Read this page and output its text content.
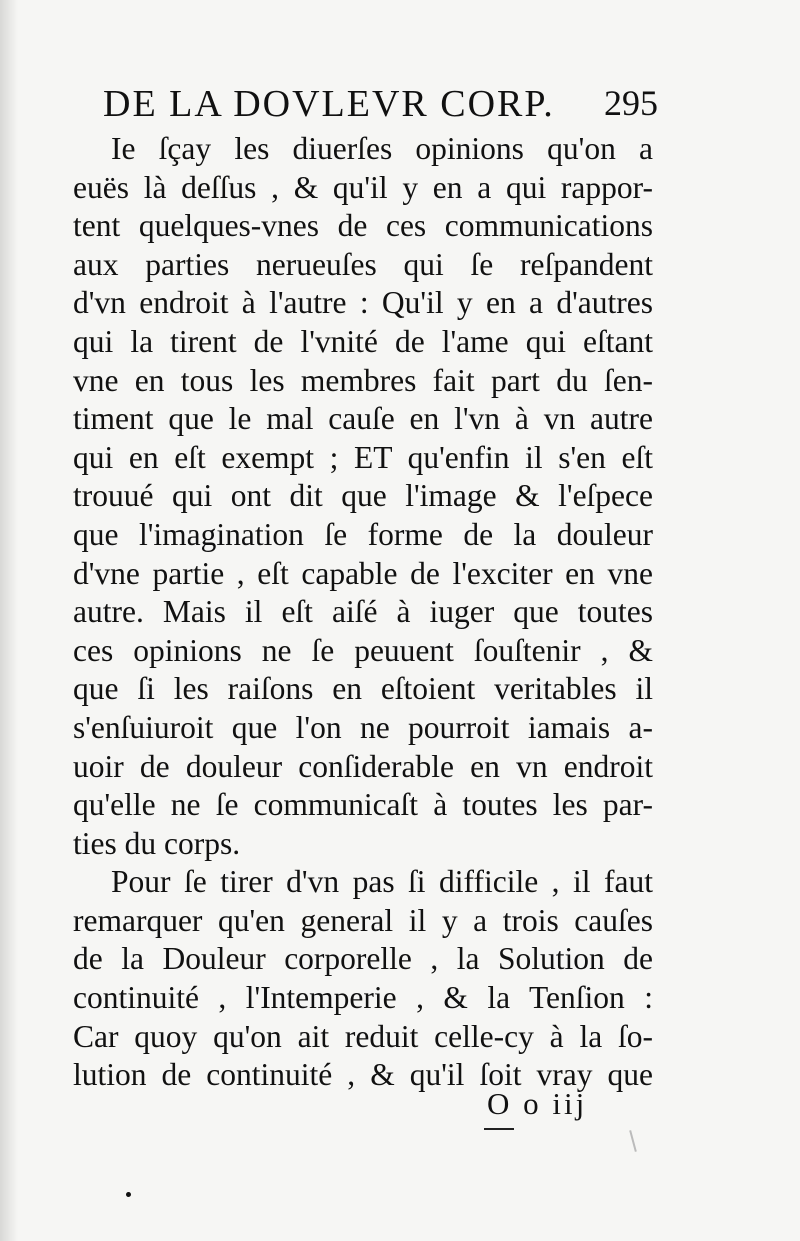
DE LA DOVLEVR CORP. 295
Ie ſçay les diuerſes opinions qu'on a
euës là deſſus , & qu'il y en a qui rappor-
tent quelques-vnes de ces communications
aux parties nerueuſes qui ſe reſpandent
d'vn endroit à l'autre : Qu'il y en a d'autres
qui la tirent de l'vnité de l'ame qui eſtant
vne en tous les membres fait part du ſen-
timent que le mal cauſe en l'vn à vn autre
qui en eſt exempt ; ET qu'enfin il s'en eſt
trouué qui ont dit que l'image & l'eſpece
que l'imagination ſe forme de la douleur
d'vne partie , eſt capable de l'exciter en vne
autre. Mais il eſt aiſé à iuger que toutes
ces opinions ne ſe peuuent ſouſtenir , &
que ſi les raiſons en eſtoient veritables il
s'enſuiuroit que l'on ne pourroit iamais a-
uoir de douleur conſiderable en vn endroit
qu'elle ne ſe communicaſt à toutes les par-
ties du corps.
Pour ſe tirer d'vn pas ſi difficile , il faut
remarquer qu'en general il y a trois cauſes
de la Douleur corporelle , la Solution de
continuité , l'Intemperie , & la Tenſion :
Car quoy qu'on ait reduit celle-cy à la ſo-
lution de continuité , & qu'il ſoit vray que
O o iij
